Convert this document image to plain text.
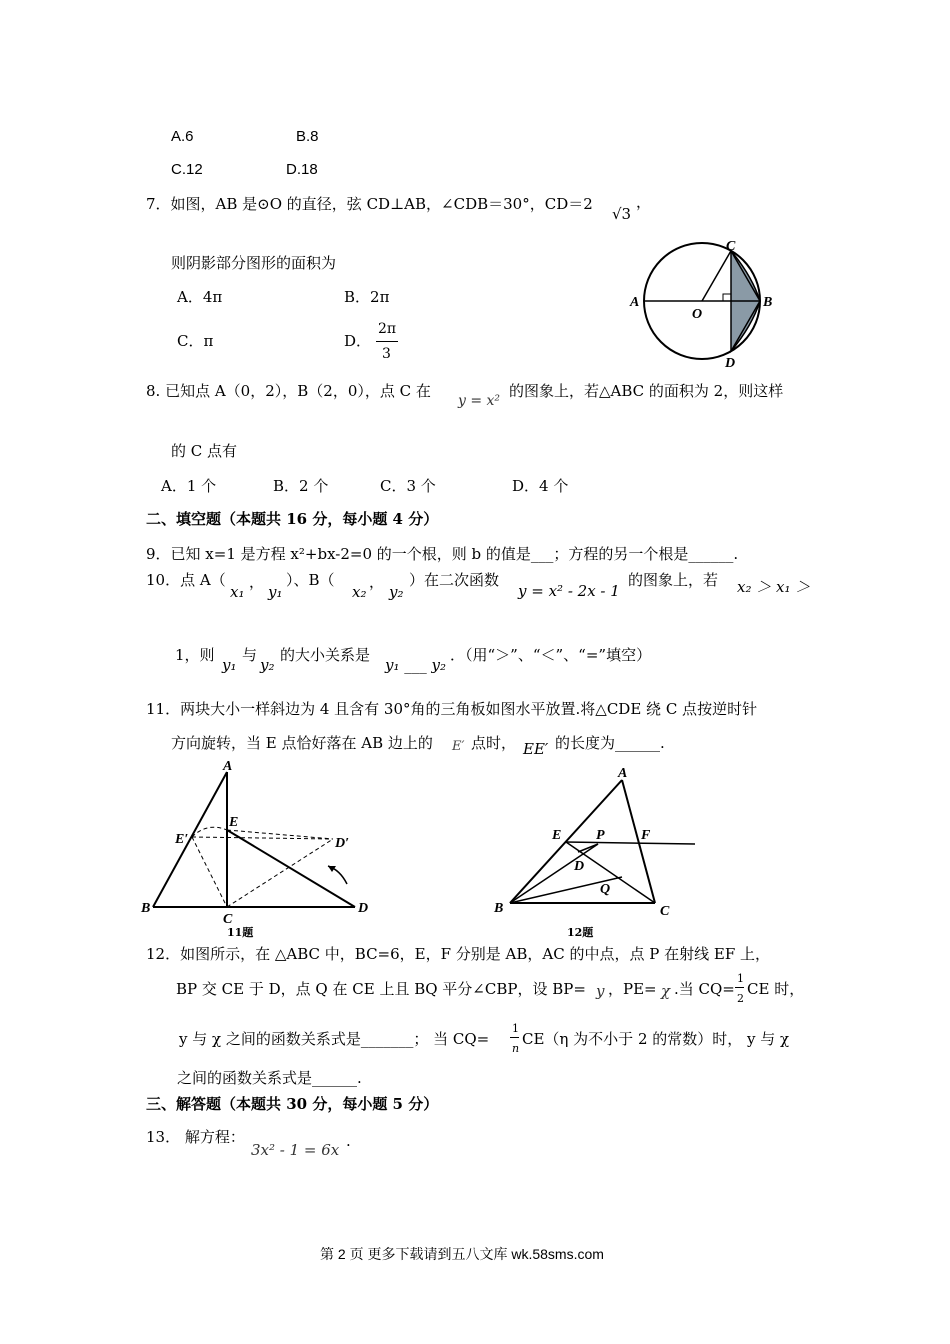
A.6	B.8
C.12	D.18
7．如图，AB 是⊙O 的直径，弦 CD⊥AB，∠CDB＝30°，CD＝2
√3
，
则阴影部分图形的面积为
A．4π	B．2π
C．π	D．
2π
3
A	B
C
D
O
8. 已知点 A（0，2），B（2，0），点 C 在
y = x²
的图象上，若△ABC 的面积为 2，则这样
的 C 点有
A．1 个	B．2 个	C．3 个	D．4 个
二、填空题（本题共 16 分，每小题 4 分）
9．已知 x=1 是方程 x²+bx-2=0 的一个根，则 b 的值是___；方程的另一个根是______.
10．点 A（
x₁
，
y₁
）、B（
x₂
，
y₂
）在二次函数
y = x² - 2x - 1
的图象上，若 x₂ ＞ x₁ ＞
1，则
y₁
与
y₂
的大小关系是
y₁ ___ y₂
．（用“＞”、“＜”、“=”填空）
11．两块大小一样斜边为 4 且含有 30°角的三角板如图水平放置.将△CDE 绕 C 点按逆时针
方向旋转，当 E 点恰好落在 AB 边上的 E′ 点时， EE′ 的长度为______.
A
B
C
D
E
E′	D′
11题
A
B	C
D
E	F
P
Q
12题
12．如图所示，在 △ABC 中，BC=6，E，F 分别是 AB，AC 的中点，点 P 在射线 EF 上，
BP 交 CE 于 D，点 Q 在 CE 上且 BQ 平分∠CBP，设 BP= y ，PE= χ .当 CQ=
1
2
CE 时，
y 与 χ 之间的函数关系式是_______； 当 CQ=
1
n
CE（η 为不小于 2 的常数）时， y 与 χ
之间的函数关系式是______.
三、解答题（本题共 30 分，每小题 5 分）
13． 解方程：
3x² - 1 = 6x .
第 2 页 更多下载请到五八文库 wk.58sms.com
